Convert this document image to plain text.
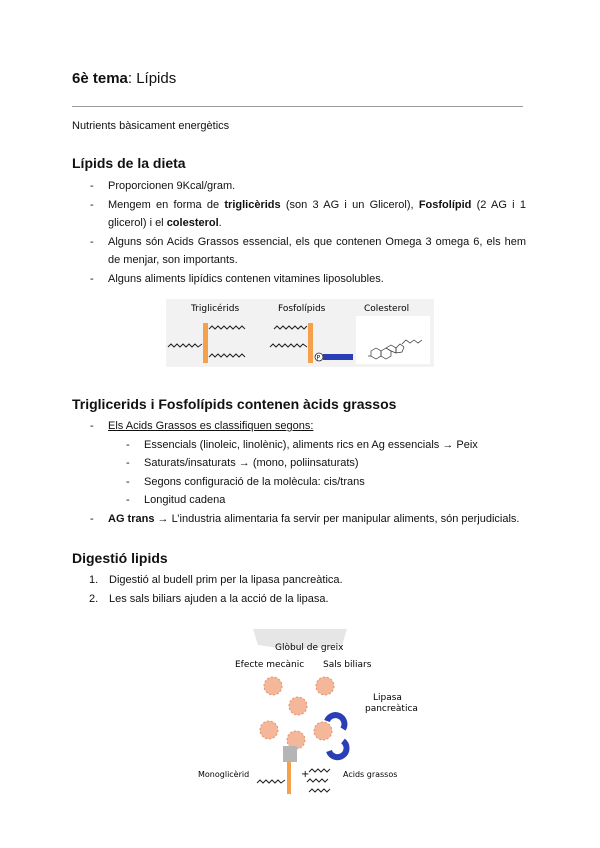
6è tema: Lípids
Nutrients bàsicament energètics
Lípids de la dieta
- Proporcionen 9Kcal/gram.
- Mengem en forma de triglicèrids (son 3 AG i un Glicerol), Fosfolípid (2 AG i 1 glicerol) i el colesterol.
- Alguns són Acids Grassos essencial, els que contenen Omega 3 omega 6, els hem de menjar, son importants.
- Alguns aliments lipídics contenen vitamines liposolubles.
Triglicérids	Fosfolípids	Colesterol
P
Triglicerids i Fosfolípids contenen àcids grassos
- Els Acids Grassos es classifiquen segons:
- Essencials (linoleic, linolènic), aliments rics en Ag essencials → Peix
- Saturats/insaturats → (mono, poliinsaturats)
- Segons configuració de la molècula: cis/trans
- Longitud cadena
- AG trans → L’industria alimentaria fa servir per manipular aliments, són perjudicials.
Digestió lipids
1. Digestió al budell prim per la lipasa pancreàtica.
2. Les sals biliars ajuden a la acció de la lipasa.
Glòbul de greix
Efecte mecànic Sals biliars
Lipasa
pancreàtica
Monoglicèrid	+	Acids grassos
